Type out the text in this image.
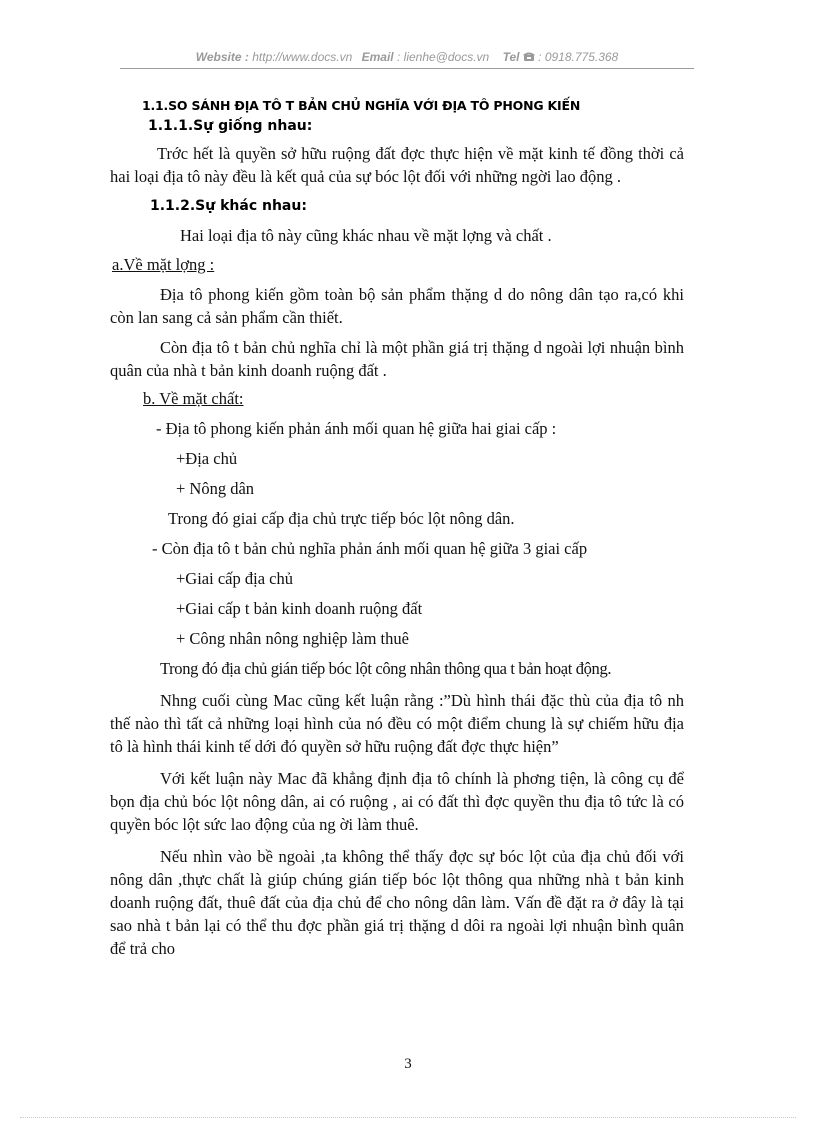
Website : http://www.docs.vn Email : lienhe@docs.vn Tel : 0918.775.368
1.1.SO SÁNH ĐỊA TÔ T BẢN CHỦ NGHĨA VỚI ĐỊA TÔ PHONG KIẾN
1.1.1.Sự giống nhau:

Trớc hết là quyền sở hữu ruộng đất đợc thực hiện về mặt kinh tế đồng thời cả hai loại địa tô này đều là kết quả của sự bóc lột đối với những ngời lao động .

1.1.2.Sự khác nhau:

Hai loại địa tô này cũng khác nhau về mặt lợng và chất .

a.Về mặt lợng :

Địa tô phong kiến gồm toàn bộ sản phẩm thặng d do nông dân tạo ra,có khi còn lan sang cả sản phẩm cần thiết.

Còn địa tô t bản chủ nghĩa chỉ là một phần giá trị thặng d ngoài lợi nhuận bình quân của nhà t bản kinh doanh ruộng đất .

b. Về mặt chất:

- Địa tô phong kiến phản ánh mối quan hệ giữa hai giai cấp :

+Địa chủ

+ Nông dân

Trong đó giai cấp địa chủ trực tiếp bóc lột nông dân.

- Còn địa tô t bản chủ nghĩa phản ánh mối quan hệ giữa 3 giai cấp

+Giai cấp địa chủ

+Giai cấp t bản kinh doanh ruộng đất

+ Công nhân nông nghiệp làm thuê

Trong đó địa chủ gián tiếp bóc lột công nhân thông qua t bản hoạt động.

Nhng cuối cùng Mac cũng kết luận rằng :”Dù hình thái đặc thù của địa tô nh thế nào thì tất cả những loại hình của nó đều có một điểm chung là sự chiếm hữu địa tô là hình thái kinh tế dới đó quyền sở hữu ruộng đất đợc thực hiện”

Với kết luận này Mac đã khẳng định địa tô chính là phơng tiện, là công cụ để bọn địa chủ bóc lột nông dân, ai có ruộng , ai có đất thì đợc quyền thu địa tô tức là có quyền bóc lột sức lao động của ng ời làm thuê.

Nếu nhìn vào bề ngoài ,ta không thể thấy đợc sự bóc lột của địa chủ đối với nông dân ,thực chất là giúp chúng gián tiếp bóc lột thông qua những nhà t bản kinh doanh ruộng đất, thuê đất của địa chủ để cho nông dân làm. Vấn đề đặt ra ở đây là tại sao nhà t bản lại có thể thu đợc phần giá trị thặng d dôi ra ngoài lợi nhuận bình quân để trả cho

3
